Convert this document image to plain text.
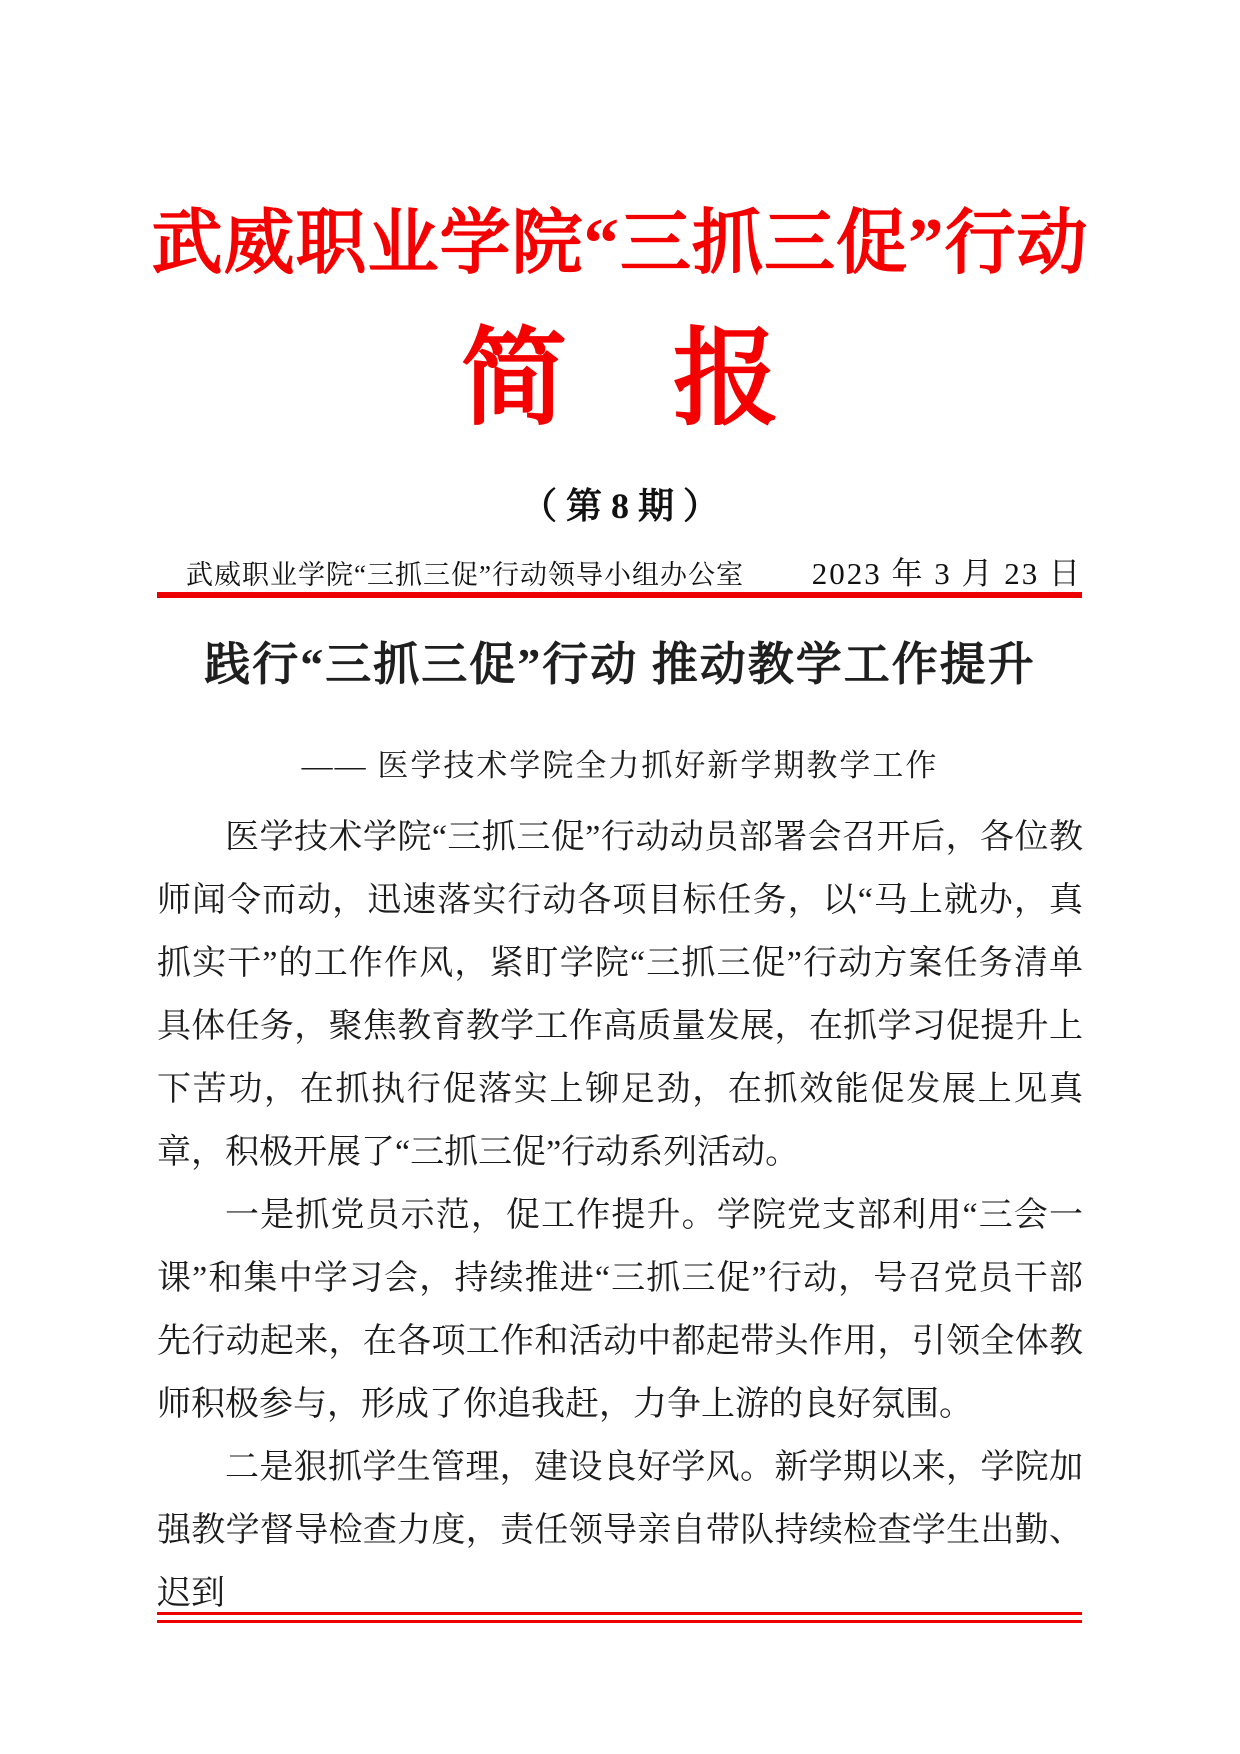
武威职业学院“三抓三促”行动
简　报
（ 第 8 期 ）
武威职业学院“三抓三促”行动领导小组办公室 2023 年 3 月 23 日
践行“三抓三促”行动 推动教学工作提升
—— 医学技术学院全力抓好新学期教学工作

医学技术学院“三抓三促”行动动员部署会召开后，各位教师闻令而动，迅速落实行动各项目标任务，以“马上就办，真抓实干”的工作作风，紧盯学院“三抓三促”行动方案任务清单具体任务，聚焦教育教学工作高质量发展，在抓学习促提升上下苦功，在抓执行促落实上铆足劲，在抓效能促发展上见真章，积极开展了“三抓三促”行动系列活动。

一是抓党员示范，促工作提升。学院党支部利用“三会一课”和集中学习会，持续推进“三抓三促”行动，号召党员干部先行动起来，在各项工作和活动中都起带头作用，引领全体教师积极参与，形成了你追我赶，力争上游的良好氛围。

二是狠抓学生管理，建设良好学风。新学期以来，学院加强教学督导检查力度，责任领导亲自带队持续检查学生出勤、迟到
